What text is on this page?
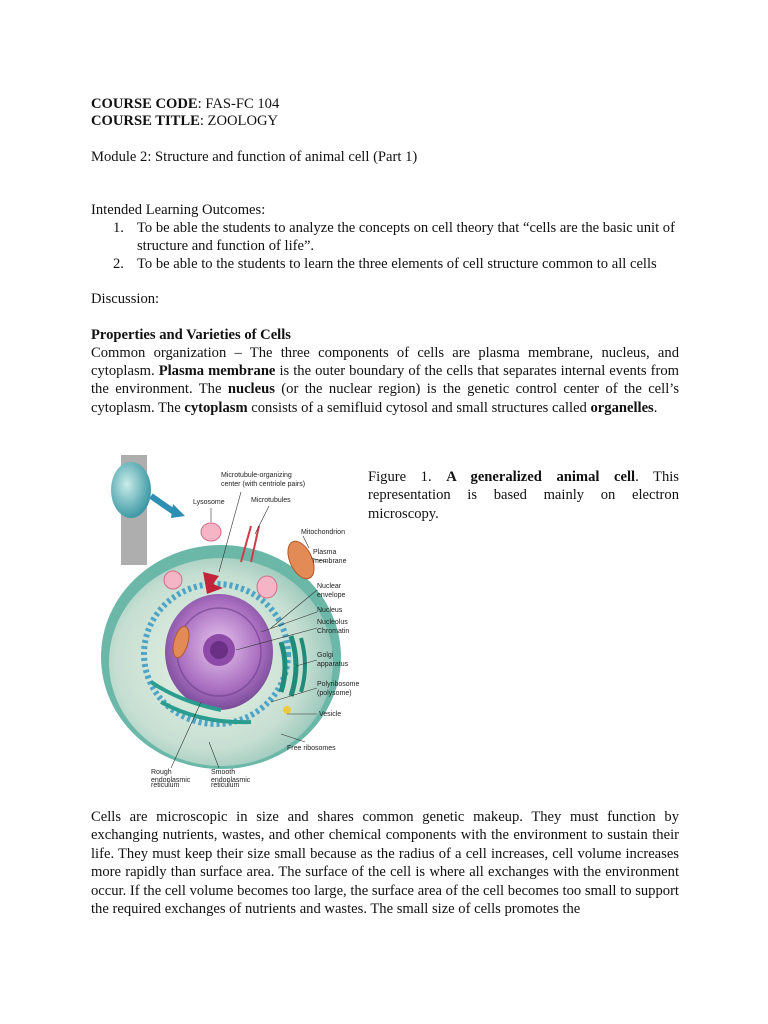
COURSE CODE: FAS-FC 104
COURSE TITLE: ZOOLOGY
Module 2: Structure and function of animal cell (Part 1)
Intended Learning Outcomes:
1. To be able the students to analyze the concepts on cell theory that “cells are the basic unit of structure and function of life”.
2. To be able to the students to learn the three elements of cell structure common to all cells
Discussion:
Properties and Varieties of Cells

Common organization – The three components of cells are plasma membrane, nucleus, and cytoplasm. Plasma membrane is the outer boundary of the cells that separates internal events from the environment. The nucleus (or the nuclear region) is the genetic control center of the cell’s cytoplasm. The cytoplasm consists of a semifluid cytosol and small structures called organelles.

Microtubule-organizing
center (with centriole pairs)
Lysosome	Microtubules
Mitochondrion
Plasma
membrane
Nuclear
envelope
Nucleus
Nucleolus
Chromatin
Golgi
apparatus
Polyribosome
(polysome)
Vesicle
Free ribosomes
Rough
endoplasmic
Smooth
endoplasmic
reticulum	reticulum
Figure 1. A generalized animal cell. This representation is based mainly on electron microscopy.
Cells are microscopic in size and shares common genetic makeup. They must function by exchanging nutrients, wastes, and other chemical components with the environment to sustain their life. They must keep their size small because as the radius of a cell increases, cell volume increases more rapidly than surface area. The surface of the cell is where all exchanges with the environment occur. If the cell volume becomes too large, the surface area of the cell becomes too small to support the required exchanges of nutrients and wastes. The small size of cells promotes the
